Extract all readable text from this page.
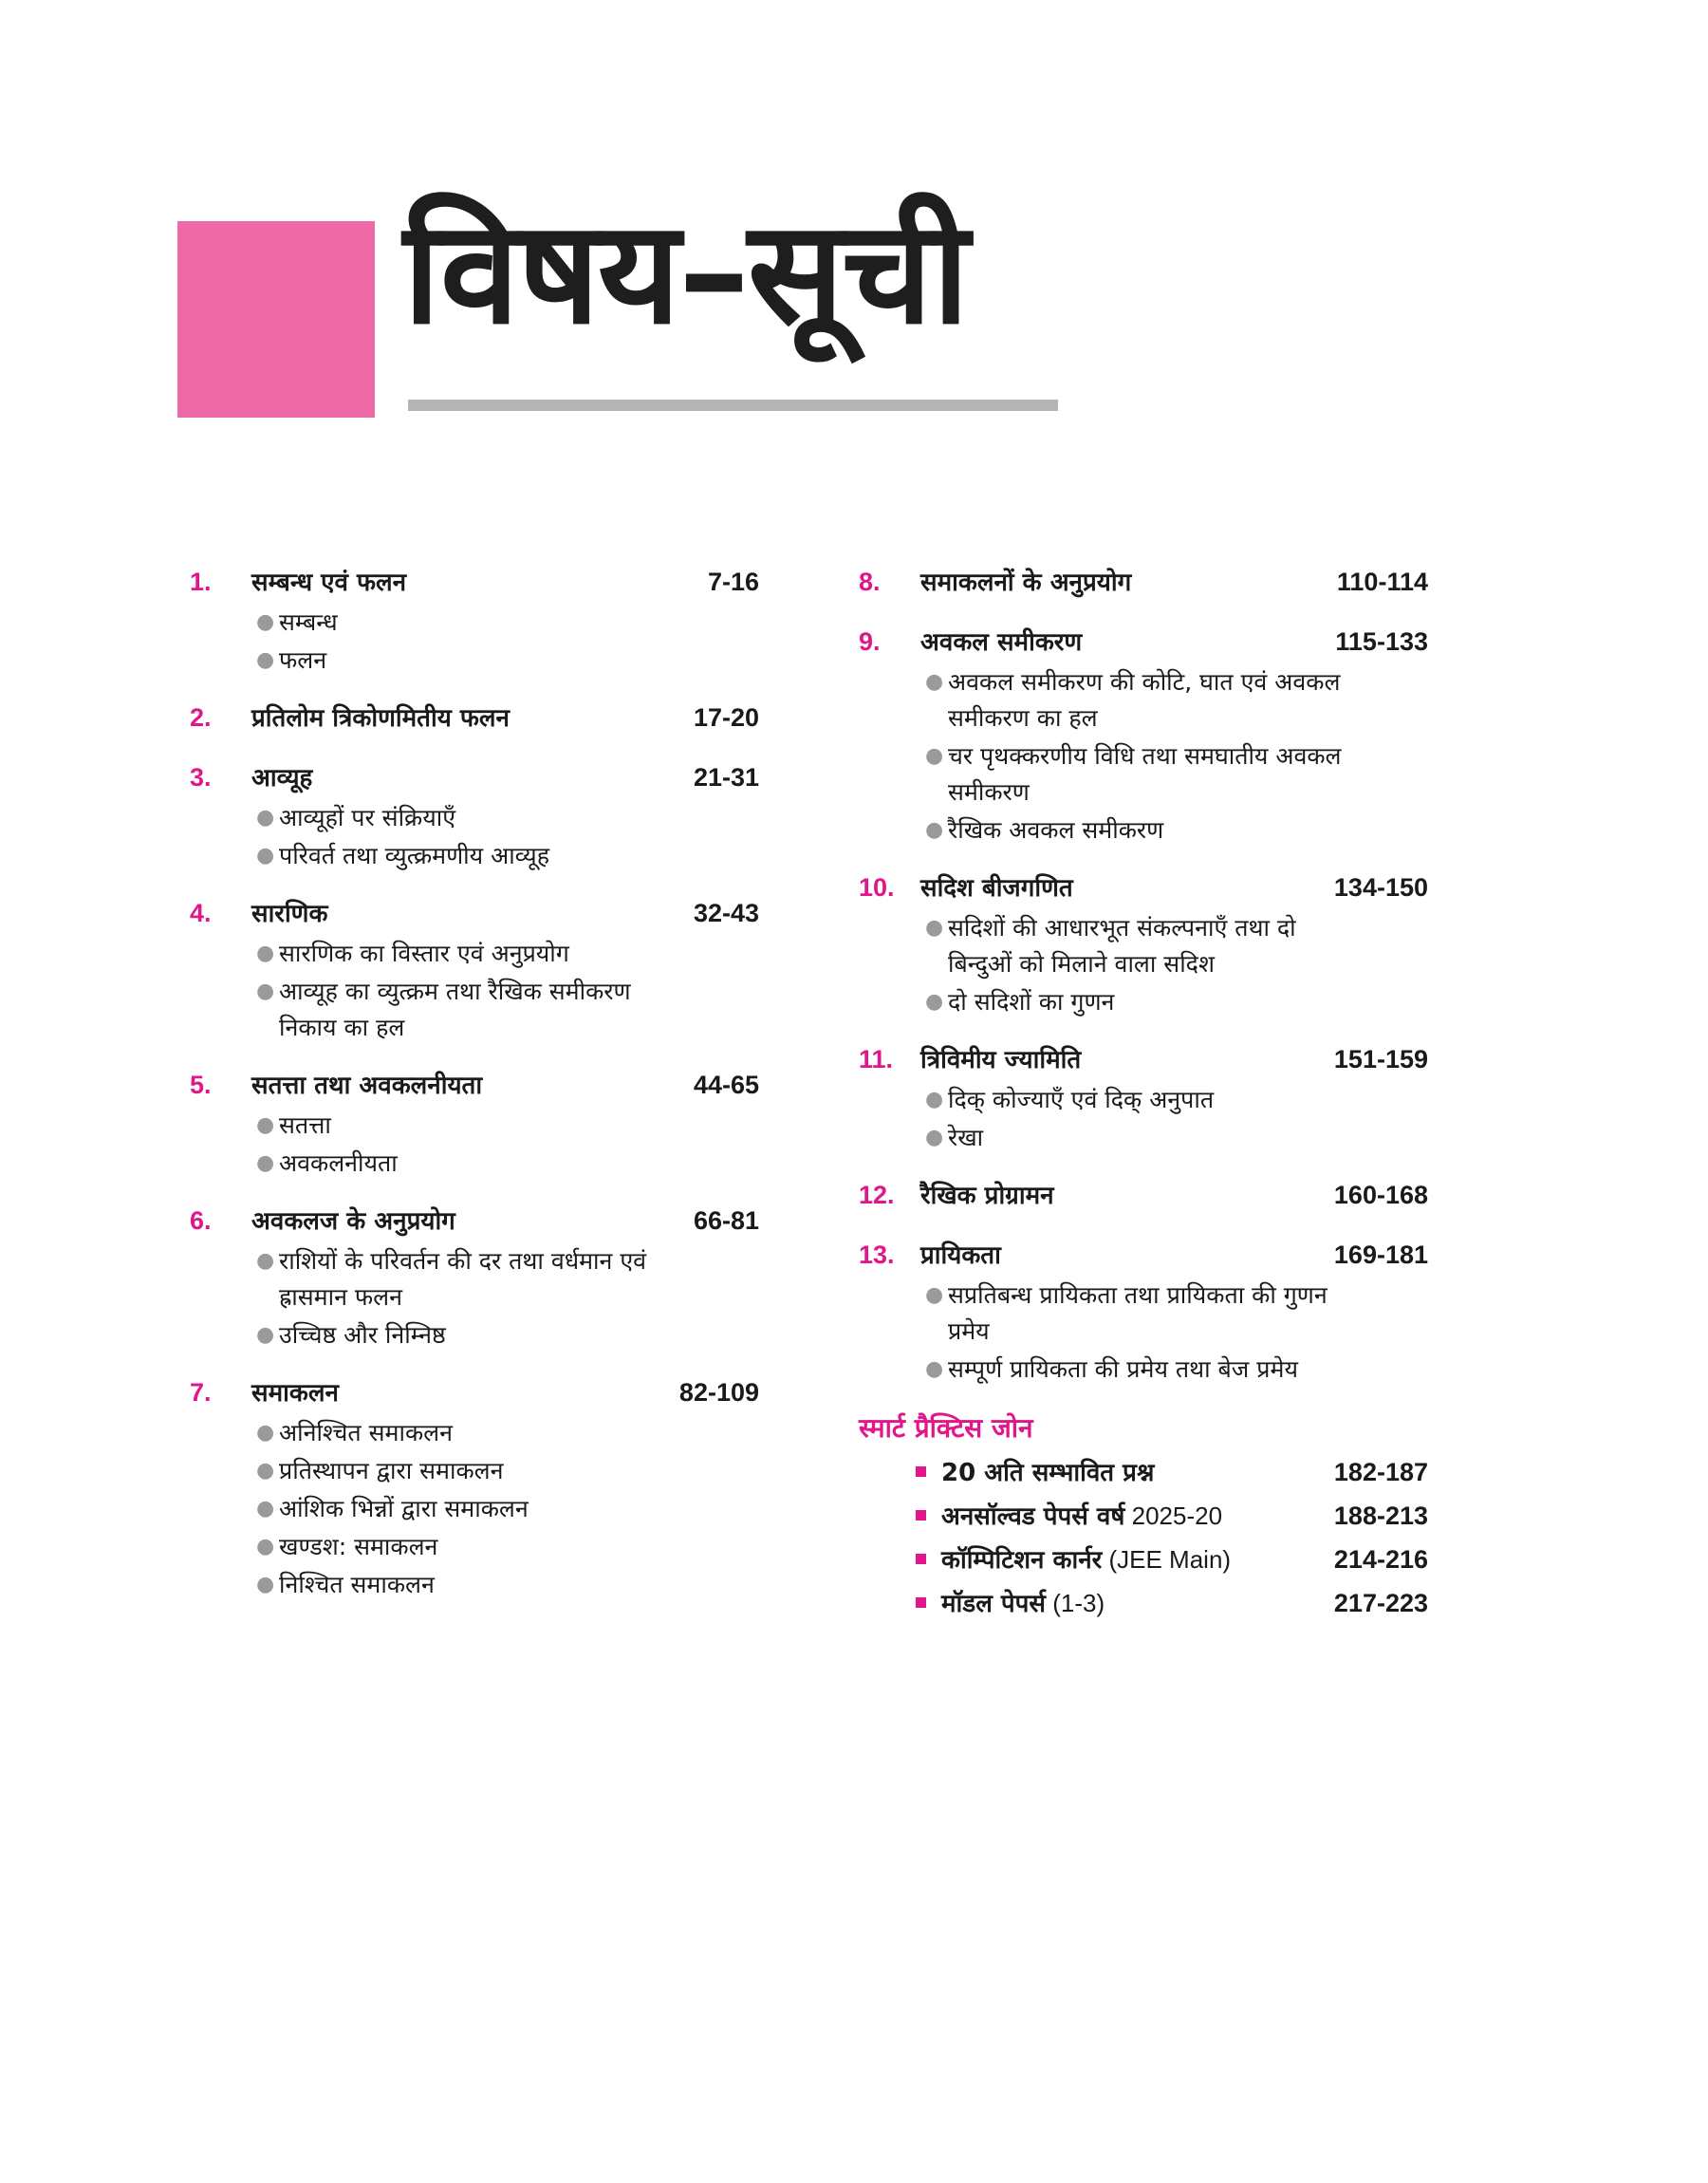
विषय–सूची
1.	सम्बन्ध एवं फलन	7-16
● सम्बन्ध
● फलन
2.	प्रतिलोम त्रिकोणमितीय फलन	17-20
3.	आव्यूह	21-31
● आव्यूहों पर संक्रियाएँ
● परिवर्त तथा व्युत्क्रमणीय आव्यूह
4.	सारणिक	32-43
● सारणिक का विस्तार एवं अनुप्रयोग
● आव्यूह का व्युत्क्रम तथा रैखिक समीकरण निकाय का हल
5.	सतत्ता तथा अवकलनीयता	44-65
● सतत्ता
● अवकलनीयता
6.	अवकलज के अनुप्रयोग	66-81
● राशियों के परिवर्तन की दर तथा वर्धमान एवं ह्रासमान फलन
● उच्चिष्ठ और निम्निष्ठ
7.	समाकलन	82-109
● अनिश्चित समाकलन
● प्रतिस्थापन द्वारा समाकलन
● आंशिक भिन्नों द्वारा समाकलन
● खण्डश: समाकलन
● निश्चित समाकलन
8.	समाकलनों के अनुप्रयोग	110-114
9.	अवकल समीकरण	115-133
● अवकल समीकरण की कोटि, घात एवं अवकल समीकरण का हल
● चर पृथक्करणीय विधि तथा समघातीय अवकल समीकरण
● रैखिक अवकल समीकरण
10.	सदिश बीजगणित	134-150
● सदिशों की आधारभूत संकल्पनाएँ तथा दो बिन्दुओं को मिलाने वाला सदिश
● दो सदिशों का गुणन
11.	त्रिविमीय ज्यामिति	151-159
● दिक् कोज्याएँ एवं दिक् अनुपात
● रेखा
12.	रैखिक प्रोग्रामन	160-168
13.	प्रायिकता	169-181
● सप्रतिबन्ध प्रायिकता तथा प्रायिकता की गुणन प्रमेय
● सम्पूर्ण प्रायिकता की प्रमेय तथा बेज प्रमेय
स्मार्ट प्रैक्टिस जोन
20 अति सम्भावित प्रश्न	182-187
अनसॉल्वड पेपर्स वर्ष 2025-20	188-213
कॉम्पिटिशन कार्नर (JEE Main)	214-216
मॉडल पेपर्स (1-3)	217-223
